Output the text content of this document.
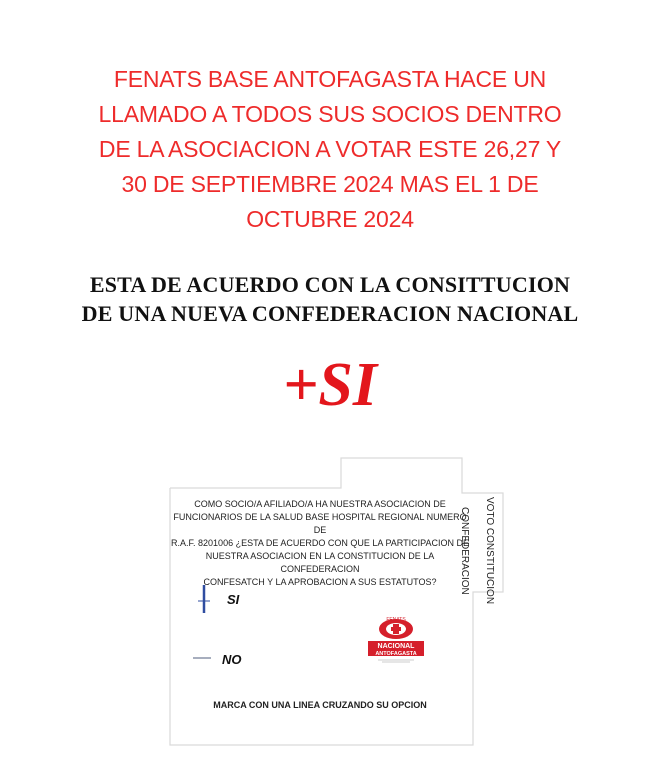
FENATS BASE ANTOFAGASTA HACE UN
LLAMADO A TODOS SUS SOCIOS DENTRO
DE LA ASOCIACION A VOTAR ESTE 26,27 Y
30 DE SEPTIEMBRE 2024 MAS EL 1 DE
OCTUBRE 2024
ESTA DE ACUERDO CON LA CONSITTUCION
DE UNA NUEVA CONFEDERACION NACIONAL
+SI
COMO SOCIO/A AFILIADO/A HA NUESTRA ASOCIACION DE
FUNCIONARIOS DE LA SALUD BASE HOSPITAL REGIONAL NUMERO DE
R.A.F. 8201006 ¿ESTA DE ACUERDO CON QUE LA PARTICIPACION DE
NUESTRA ASOCIACION EN LA CONSTITUCION DE LA CONFEDERACION
CONFESATCH Y LA APROBACION A SUS ESTATUTOS?
SI
NO
VOTO CONSTITUCION
CONFEDERACION
FENATS
NACIONAL
ANTOFAGASTA
MARCA CON UNA LINEA CRUZANDO SU OPCION
